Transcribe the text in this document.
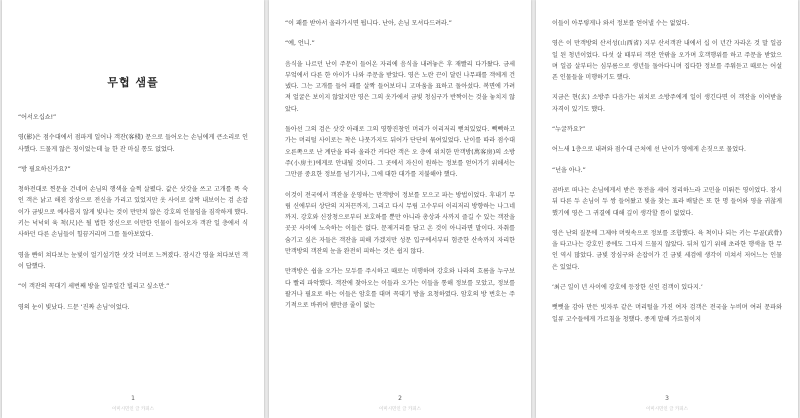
무협 샘플

“어서오십쇼!”

영(影)은 점수대에서 점파게 일어나 객잔(客棧) 문으로 들어오는 손님에게 큰소리로 인사했다. 드물게 않은 칭이었는데 늘 한 잔 마실 통도 없었다.

“방 필요하신가요?”

청하전대로 찐문을 건네며 손님의 행색을 슬쩍 살폈다. 값은 삿갓을 쓰고 고개를 푹 숙인 객은 낡고 해진 장삼으로 전신을 가리고 있었지만 옷 사이로 살짝 내보이는 검 손잡이가 금빛으로 예사롭지 않게 빛나는 것이 만만치 않은 강호의 인물임을 짐작하게 했다. 키는 넉넉히 육 척(尺)은 될 법한 장신으로 이만한 인물이 들어오자 객잔 일 층에서 식사하던 다른 손님들이 힐끔거리며 그를 돌아보았다.

영을 빤히 쳐다보는 눈빛이 얼기설기한 삿갓 너머로 느껴졌다. 잠시간 영을 쳐다보던 객이 답했다.

“이 객잔의 꼭대기 세번째 방을 일주일간 빌리고 싶소만.”

영의 눈이 빛났다. 드문 ‘진짜 손님’이었다.

1
이미시민인 글 카피스

“이 패를 받아서 올라가시면 됩니다. 난아, 손님 모셔다드려라.”

“예, 언니.”

음식을 나르던 난이 주문이 들어온 자리에 음식을 내려놓은 후 재빨리 다가왔다. 금세 부엌에서 다른 한 아이가 나와 주문을 받았다. 영은 노란 끈이 달린 나무패를 객에게 건넸다. 그는 고개를 들어 패를 살짝 들어보더니 고마움을 표하고 돌아섰다. 복면에 가려져 얼굴은 보이지 않았지만 영은 그의 옷가에서 금빛 청심구가 반짝이는 것을 놓치지 않았다.

돌아선 그의 검은 삿갓 아래로 그의 영향진창인 머리가 이리저리 뻗쳐있었다. 빽빽하고 가는 머리털 사이로는 착은 나뭇가지도 뒤어가 단단히 묶여있었다. 난이를 따라 점수대 오른쪽으로 난 계단을 따라 올라간 커다란 객은 오 층에 위치한 만객방(萬客房)의 소방주(小房主)에게로 안내될 것이다. 그 곳에서 자신이 원하는 정보를 얻어가기 위해서는 그만큼 중요한 정보를 넘기거나, 그에 대한 대가를 지불해야 했다.

이것이 전국에서 객잔을 운영하는 만객방이 정보를 모으고 파는 방법이었다. 후내기 무림 신에부터 상단의 지저끈까지, 그리고 다시 무림 고수부터 이리저리 방향하는 나그네까지. 강호와 신장청으로부터 보호하를 뿐만 아니라 총상과 사까지 즐길 수 있는 객잔을 곳곳 사이에 노숙하는 이들은 없다. 문제거리를 담고 온 것이 아니라면 말이다. 자취를 숨기고 싶은 자들은 객잔을 피해 가겠지만 성문 입구에서부터 험준한 산속까지 자리한 만객방의 객잔의 눈을 완전히 피하는 것은 쉽지 않다.

만객방은 쉽을 오가는 모두를 주시하고 때로는 미행하며 강호와 나라의 흐름을 누구보다 빨리 파악했다. 객잔에 찾아오는 이들과 오가는 이들을 통해 정보를 모았고, 정보를 팔거나 필요로 하는 이들은 암호를 대며 꼭대기 방을 요청하였다. 암호의 방 번호는 주기적으로 바뀌어 웬만큼 줄이 없는

2
이미시민인 글 카피스

이들이 아무렇게나 와서 정보를 얻어낼 수는 없었다.

영은 이 만객방의 산서성(山西省) 지부 산서객잔 내에서 십 이 년간 자라온 것 말 일곱일 된 청년이었다. 다섯 살 때부터 객잔 안팎을 오가며 호객행위를 하고 주문을 받았으며 일곱 살부터는 심부름으로 생년들 돌아다니며 집다한 정보를 주워듣고 때로는 어설픈 인물들을 미행하기도 했다.

지금은 현(玄) 소방주 다음가는 위치로 소방주에게 일이 생긴다면 이 객잔을 이어받을 자격이 있기도 했다.

“누굴까요?”

어느새 1층으로 내려와 점수대 근처에 선 난이가 영에게 손짓으로 물었다.

“넌을 아나.”

곰바로 떠나는 손님에게서 받은 동전을 세어 정리하느라 고민을 미뤄든 영이었다. 잠시 뒤 다른 두 손님이 두 쌍 들어왔고 빛을 찾는 표라 배달은 또 한 명 들어와 영을 귀찮게 했기에 영은 그 귀결에 대해 깊이 생각할 틈이 없었다.

영은 난의 질문에 그제야 머릿속으로 정보를 조합했다. 육 척이나 되는 키는 무골(武骨)을 타고나는 강호인 중에도 그다지 드물지 않았다. 뒤처 입기 위해 초라한 행색을 한 무인 역시 많았다. 금빛 장심구와 손잡이가 긴 금빛 세검에 생각이 미쳐서 저어느는 인물은 있었다.

‘최근 일이 년 사이에 강호에 등장한 신인 검객이 있다지.’

뻣뻣을 감아 만든 빗자루 같은 머리털을 가진 여자 검객은 전국을 누비며 여러 문파와 일류 고수들에게 가르침을 청했다. 종게 말해 가르침이지

3
이미시민인 글 카피스
